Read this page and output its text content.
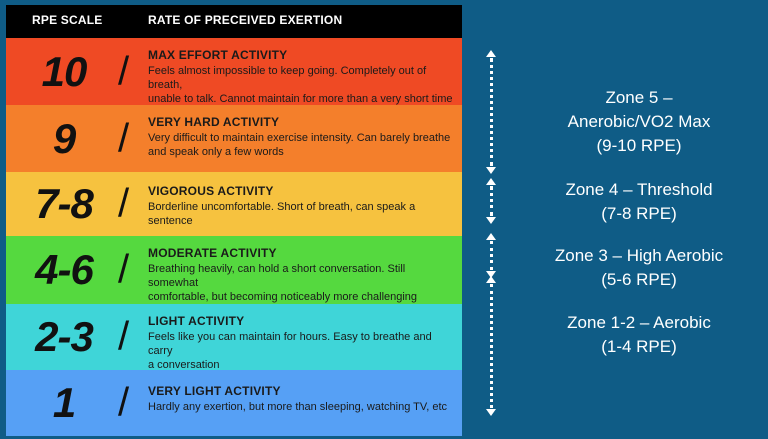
RPE SCALE	RATE OF PRECEIVED EXERTION
10 / MAX EFFORT ACTIVITY
Feels almost impossible to keep going. Completely out of breath,
unable to talk. Cannot maintain for more than a very short time
9	/ VERY HARD ACTIVITY
Very difficult to maintain exercise intensity. Can barely breathe
and speak only a few words
7-8 / VIGOROUS ACTIVITY
Borderline uncomfortable. Short of breath, can speak a sentence
4-6 / MODERATE ACTIVITY
Breathing heavily, can hold a short conversation. Still somewhat
comfortable, but becoming noticeably more challenging
2-3 / LIGHT ACTIVITY
Feels like you can maintain for hours. Easy to breathe and carry
a conversation
1	/ VERY LIGHT ACTIVITY
Hardly any exertion, but more than sleeping, watching TV, etc
Zone 5 –
Anerobic/VO2 Max
(9-10 RPE)
Zone 4 – Threshold
(7-8 RPE)
Zone 3 – High Aerobic
(5-6 RPE)
Zone 1-2 – Aerobic
(1-4 RPE)
